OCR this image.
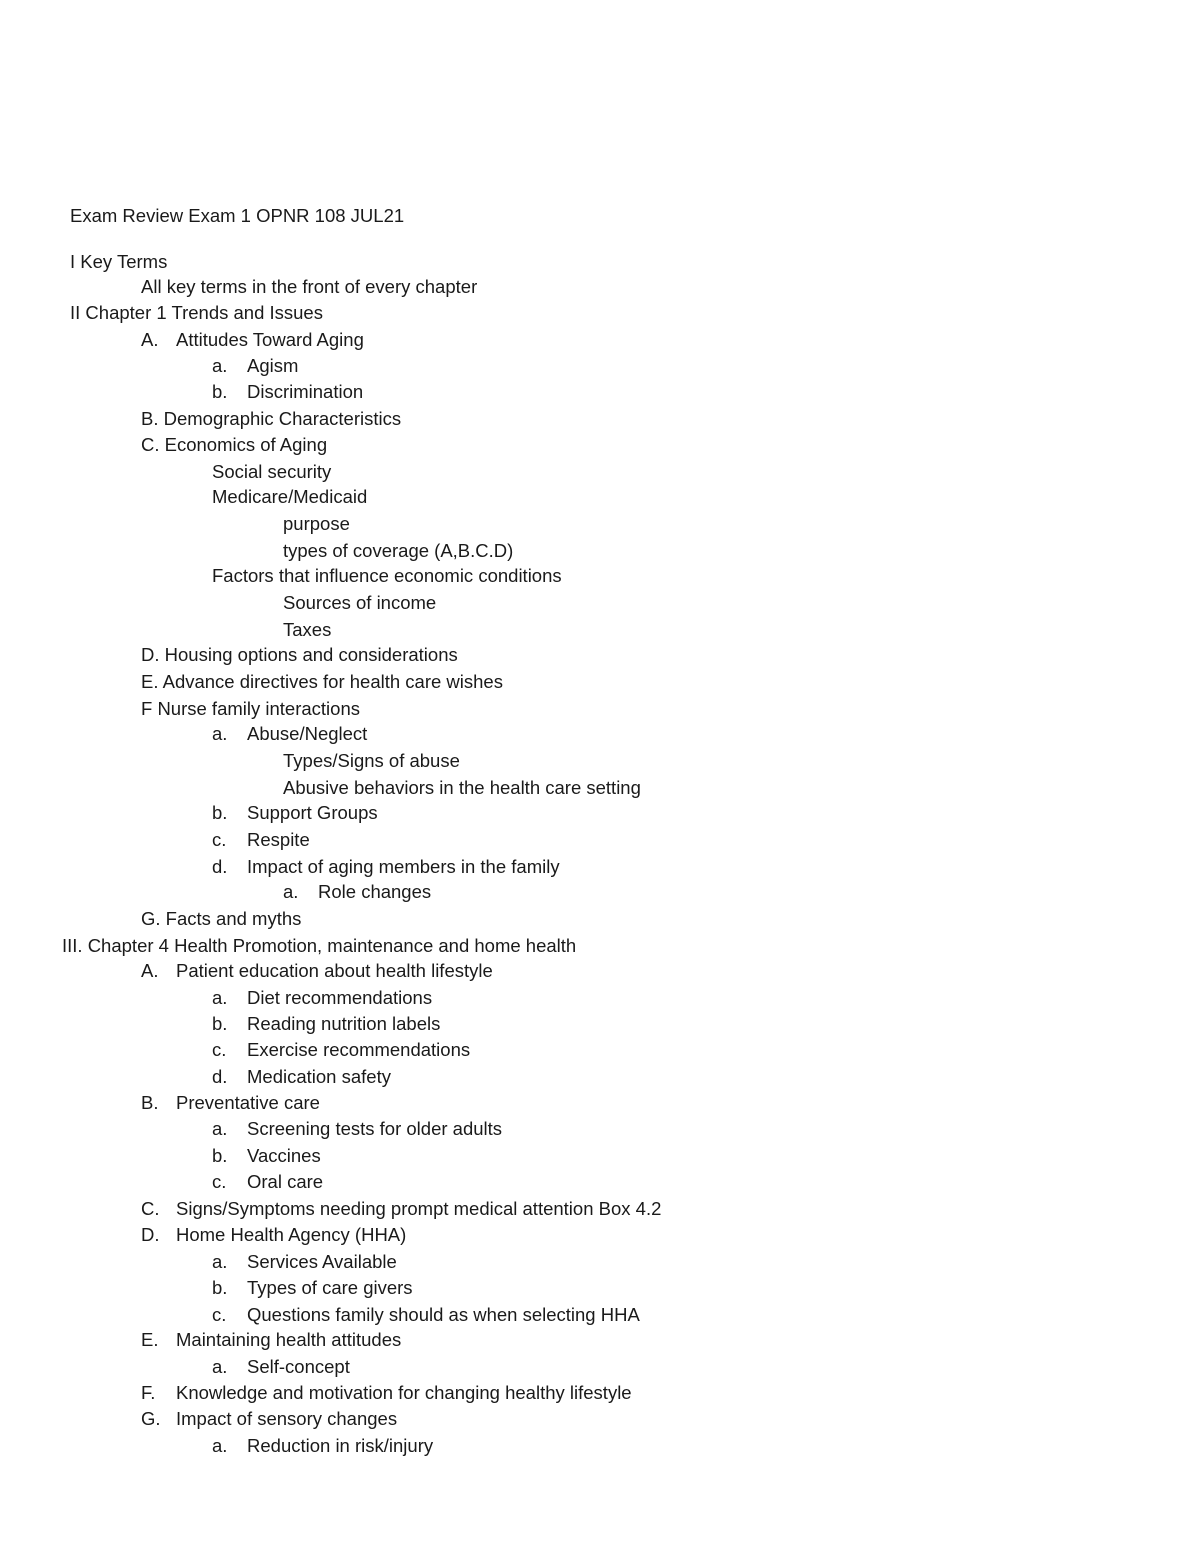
Exam Review Exam 1 OPNR 108 JUL21
I Key Terms
All key terms in the front of every chapter
II Chapter 1 Trends and Issues
A. Attitudes Toward Aging
a. Agism
b. Discrimination
B. Demographic Characteristics
C. Economics of Aging
Social security
Medicare/Medicaid
purpose
types of coverage (A,B.C.D)
Factors that influence economic conditions
Sources of income
Taxes
D. Housing options and considerations
E. Advance directives for health care wishes
F Nurse family interactions
a. Abuse/Neglect
Types/Signs of abuse
Abusive behaviors in the health care setting
b. Support Groups
c. Respite
d. Impact of aging members in the family
a. Role changes
G. Facts and myths
III. Chapter 4 Health Promotion, maintenance and home health
A. Patient education about health lifestyle
a. Diet recommendations
b. Reading nutrition labels
c. Exercise recommendations
d. Medication safety
B. Preventative care
a. Screening tests for older adults
b. Vaccines
c. Oral care
C. Signs/Symptoms needing prompt medical attention Box 4.2
D. Home Health Agency (HHA)
a. Services Available
b. Types of care givers
c. Questions family should as when selecting HHA
E. Maintaining health attitudes
a. Self-concept
F. Knowledge and motivation for changing healthy lifestyle
G. Impact of sensory changes
a. Reduction in risk/injury
